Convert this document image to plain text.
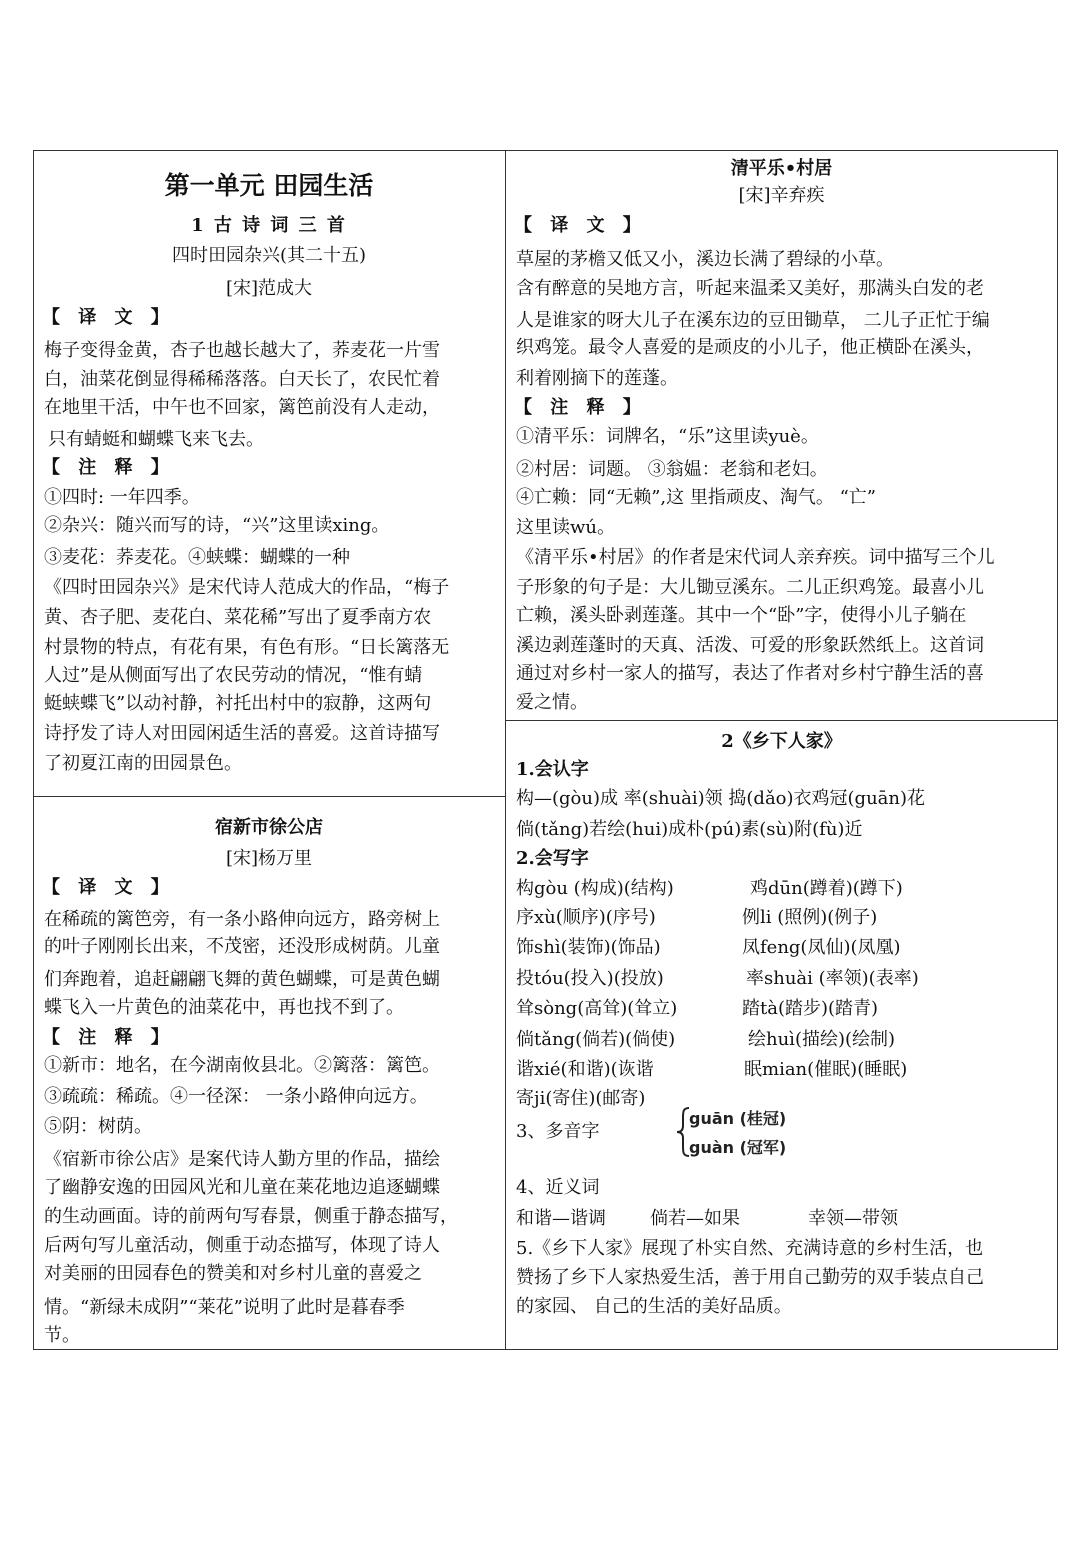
第一单元 田园生活
1 古 诗 词 三 首
四时田园杂兴(其二十五)
[宋]范成大
【 译 文 】
梅子变得金黄，杏子也越长越大了，荞麦花一片雪
白，油菜花倒显得稀稀落落。白天长了，农民忙着
在地里干活，中午也不回家，篱笆前没有人走动，
只有蜻蜓和蝴蝶飞来飞去。
【 注 释 】
①四时: 一年四季。
②杂兴：随兴而写的诗，“兴”这里读xing。
③麦花：荞麦花。④蛱蝶：蝴蝶的一种
《四时田园杂兴》是宋代诗人范成大的作品，“梅子
黄、杏子肥、麦花白、菜花稀”写出了夏季南方农
村景物的特点，有花有果，有色有形。“日长篱落无
人过”是从侧面写出了农民劳动的情况，“惟有蜻
蜓蛱蝶飞”以动衬静，衬托出村中的寂静，这两句
诗抒发了诗人对田园闲适生活的喜爱。这首诗描写
了初夏江南的田园景色。
宿新市徐公店
[宋]杨万里
【 译 文 】
在稀疏的篱笆旁，有一条小路伸向远方，路旁树上
的叶子刚刚长出来，不茂密，还没形成树荫。儿童
们奔跑着，追赶翩翩飞舞的黄色蝴蝶，可是黄色蝴
蝶飞入一片黄色的油菜花中，再也找不到了。
【 注 释 】
①新市：地名，在今湖南攸县北。②篱落：篱笆。
③疏疏：稀疏。④一径深： 一条小路伸向远方。
⑤阴：树荫。
《宿新市徐公店》是案代诗人勤方里的作品，描绘
了幽静安逸的田园风光和儿童在莱花地边追逐蝴蝶
的生动画面。诗的前两句写春景，侧重于静态描写，
后两句写儿童活动，侧重于动态描写，体现了诗人
对美丽的田园春色的赞美和对乡村儿童的喜爱之
情。“新绿未成阴”“莱花”说明了此时是暮春季
节。
清平乐•村居
[宋]辛弃疾
【 译 文 】
草屋的茅檐又低又小，溪边长满了碧绿的小草。
含有醉意的吴地方言，听起来温柔又美好，那满头白发的老
人是谁家的呀大儿子在溪东边的豆田锄草， 二儿子正忙于编
织鸡笼。最令人喜爱的是顽皮的小儿子，他正横卧在溪头，
利着刚摘下的莲蓬。
【 注 释 】
①清平乐：词牌名，“乐”这里读yuè。
②村居：词题。 ③翁媪：老翁和老妇。
④亡赖：同“无赖”,这 里指顽皮、淘气。 “亡”
这里读wú。
《清平乐•村居》的作者是宋代词人亲弃疾。词中描写三个儿
子形象的句子是：大儿锄豆溪东。二儿正织鸡笼。最喜小儿
亡赖，溪头卧剥莲蓬。其中一个“卧”字，使得小儿子躺在
溪边剥莲蓬时的天真、活泼、可爱的形象跃然纸上。这首词
通过对乡村一家人的描写，表达了作者对乡村宁静生活的喜
爱之情。
2《乡下人家》
1.会认字
构—(gòu)成 率(shuài)领 捣(dǎo)衣鸡冠(guān)花
倘(tǎng)若绘(hui)成朴(pú)素(sù)附(fù)近
2.会写字
构gòu (构成)(结构)	鸡dūn(蹲着)(蹲下)
序xù(顺序)(序号)	例li (照例)(例子)
饰shì(装饰)(饰品)	凤feng(凤仙)(凤凰)
投tóu(投入)(投放)	率shuài (率领)(表率)
耸sòng(高耸)(耸立)	踏tà(踏步)(踏青)
倘tǎng(倘若)(倘使)	绘huì(描绘)(绘制)
谐xié(和谐)(诙谐	眠mian(催眠)(睡眠)
寄ji(寄住)(邮寄)
3、多音字
guān (桂冠)
guàn (冠军)
4、近义词
和谐—谐调 倘若—如果	幸领—带领
5.《乡下人家》展现了朴实自然、充满诗意的乡村生活，也
赞扬了乡下人家热爱生活，善于用自己勤劳的双手装点自己
的家园、 自己的生活的美好品质。
